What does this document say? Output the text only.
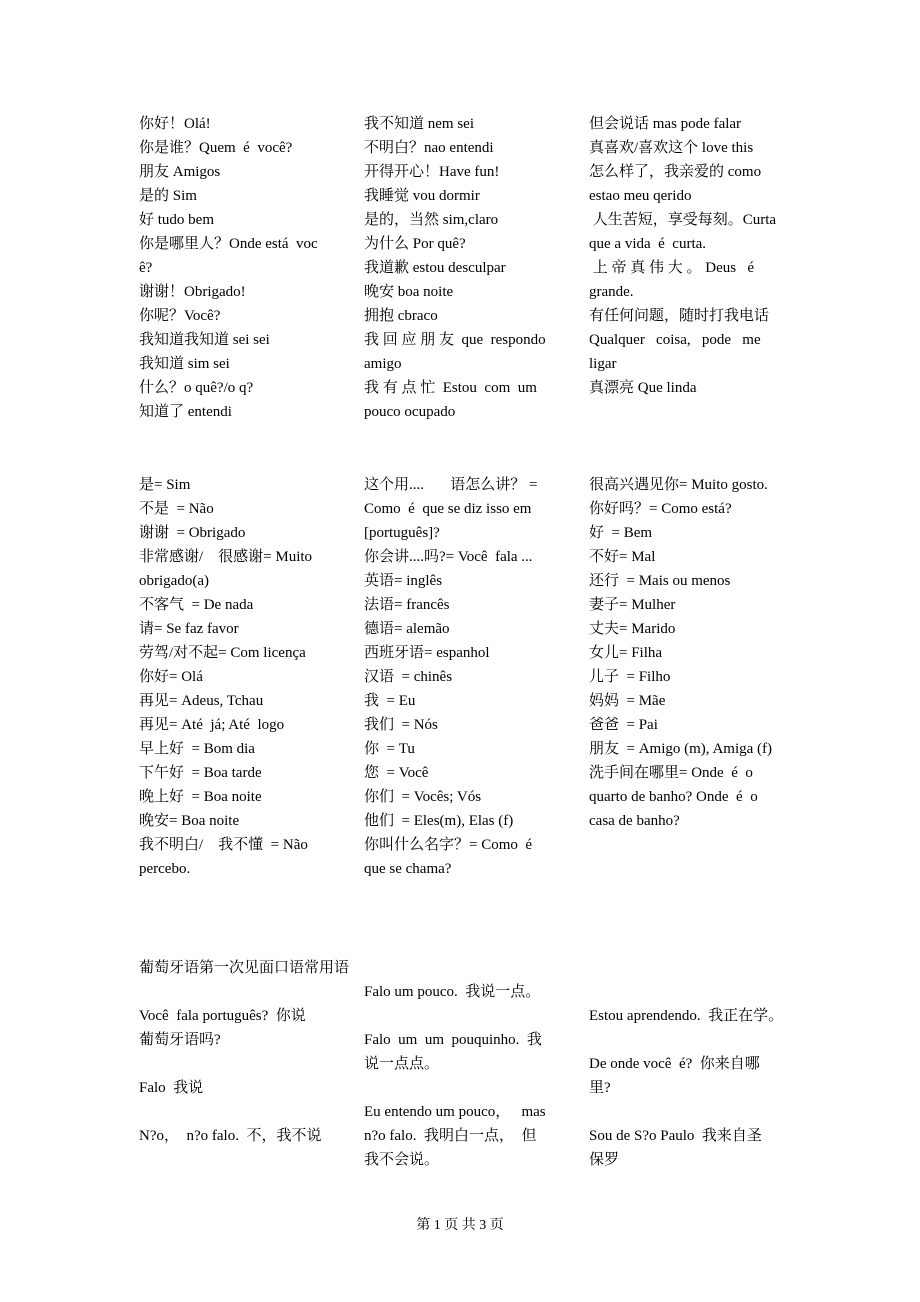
你好！Olá!
你是谁？Quem  é  você?
朋友 Amigos
是的 Sim
好 tudo bem
你是哪里人？Onde está  voc
ê?
谢谢！Obrigado!
你呢？Você?
我知道我知道 sei sei
我知道 sim sei
什么？o quê?/o q?
知道了 entendi
我不知道 nem sei
不明白？nao entendi
开得开心！Have fun!
我睡觉 vou dormir
是的，当然 sim,claro
为什么 Por quê?
我道歉 estou desculpar
晚安 boa noite
拥抱 cbraco
我 回 应 朋 友  que  respondo
amigo
我 有 点 忙  Estou  com  um
pouco ocupado
但会说话 mas pode falar
真喜欢/喜欢这个 love this
怎么样了，我亲爱的 como
estao meu qerido
人生苦短，享受每刻。Curta
que a vida  é  curta.
上 帝 真 伟 大 。 Deus   é
grande.
有任何问题，随时打我电话
Qualquer   coisa,   pode   me
ligar
真漂亮 Que linda
是= Sim
不是  = Não
谢谢  = Obrigado
非常感谢/    很感谢= Muito
obrigado(a)
不客气  = De nada
请= Se faz favor
劳驾/对不起= Com licença
你好= Olá
再见= Adeus, Tchau
再见= Até  já; Até  logo
早上好  = Bom dia
下午好  = Boa tarde
晚上好  = Boa noite
晚安= Boa noite
我不明白/    我不懂  = Não
percebo.
这个用....       语怎么讲？ =
Como  é  que se diz isso em
[português]?
你会讲....吗?= Você  fala ...
英语= inglês
法语= francês
德语= alemão
西班牙语= espanhol
汉语  = chinês
我  = Eu
我们  = Nós
你  = Tu
您  = Você
你们  = Vocês; Vós
他们  = Eles(m), Elas (f)
你叫什么名字？= Como  é
que se chama?
很高兴遇见你= Muito gosto.
你好吗？= Como está?
好  = Bem
不好= Mal
还行  = Mais ou menos
妻子= Mulher
丈夫= Marido
女儿= Filha
儿子  = Filho
妈妈  = Mãe
爸爸  = Pai
朋友  = Amigo (m), Amiga (f)
洗手间在哪里= Onde  é  o
quarto de banho? Onde  é  o
casa de banho?
葡萄牙语第一次见面口语常用语
Você  fala português?  你说
葡萄牙语吗?
Falo  我说
N?o，  n?o falo.  不，我不说
Falo um pouco.  我说一点。
Falo  um  um  pouquinho.  我
说一点点。
Eu entendo um pouco，   mas
n?o falo.  我明白一点，  但
我不会说。
Estou aprendendo.  我正在学。
De onde você  é?  你来自哪
里?
Sou de S?o Paulo  我来自圣
保罗
第 1 页 共 3 页
